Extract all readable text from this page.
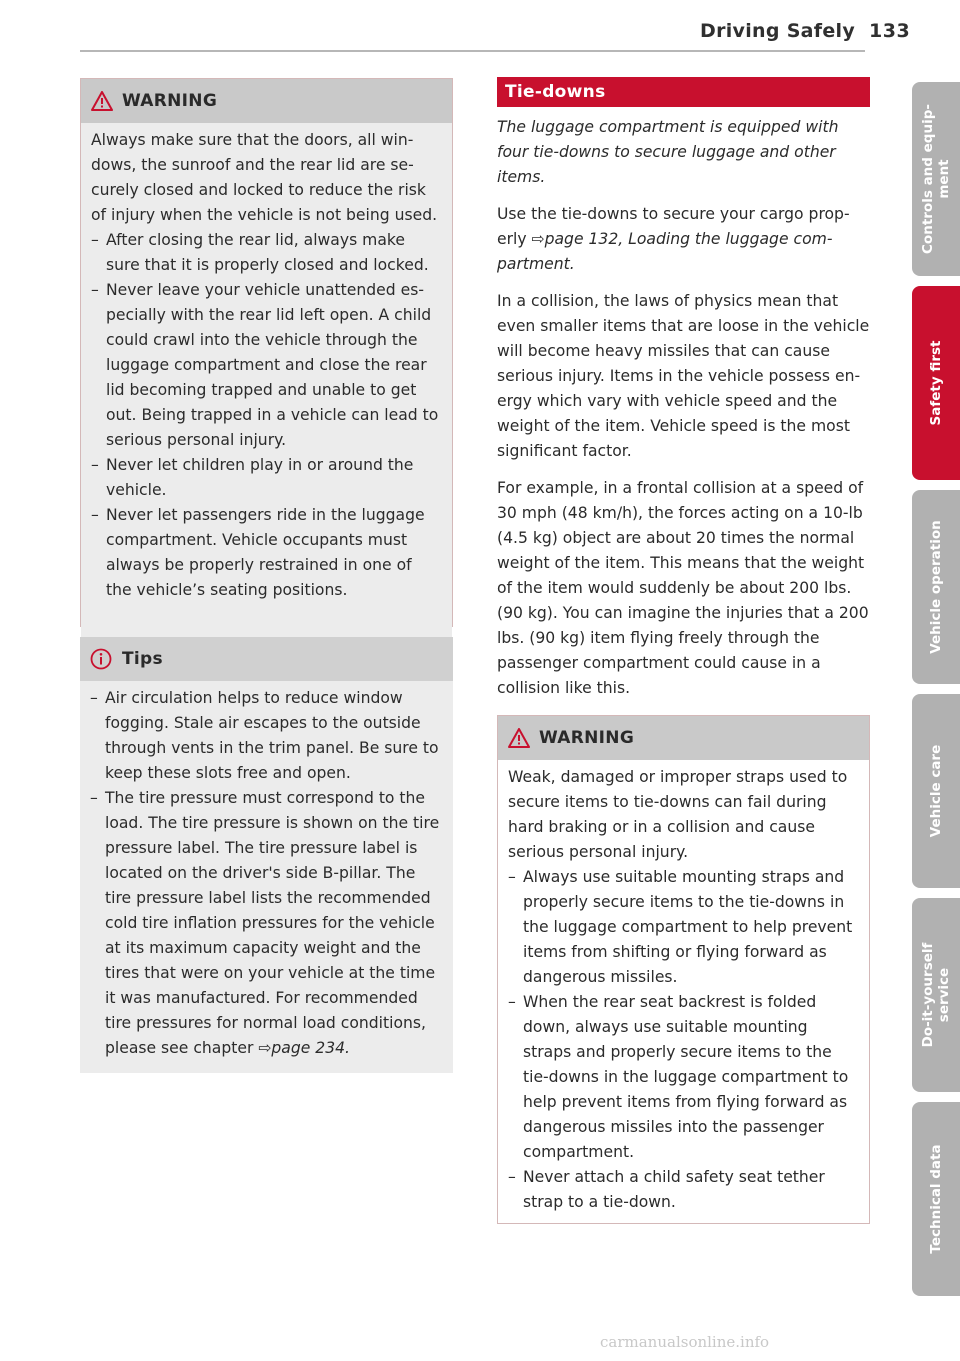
Driving Safely 133
WARNING

Always make sure that the doors, all windows, the sunroof and the rear lid are securely closed and locked to reduce the risk of injury when the vehicle is not being used.

– After closing the rear lid, always make sure that it is properly closed and locked.
– Never leave your vehicle unattended especially with the rear lid left open. A child could crawl into the vehicle through the luggage compartment and close the rear lid becoming trapped and unable to get out. Being trapped in a vehicle can lead to serious personal injury.
– Never let children play in or around the vehicle.
– Never let passengers ride in the luggage compartment. Vehicle occupants must always be properly restrained in one of the vehicle’s seating positions.
Tips
– Air circulation helps to reduce window fogging. Stale air escapes to the outside through vents in the trim panel. Be sure to keep these slots free and open.
– The tire pressure must correspond to the load. The tire pressure is shown on the tire pressure label. The tire pressure label is located on the driver's side B-pillar. The tire pressure label lists the recommended cold tire inflation pressures for the vehicle at its maximum capacity weight and the tires that were on your vehicle at the time it was manufactured. For recommended tire pressures for normal load conditions, please see chapter ⇨page 234.
Tie-downs

The luggage compartment is equipped with four tie-downs to secure luggage and other items.

Use the tie-downs to secure your cargo properly ⇨page 132, Loading the luggage compartment.

In a collision, the laws of physics mean that even smaller items that are loose in the vehicle will become heavy missiles that can cause serious injury. Items in the vehicle possess energy which vary with vehicle speed and the weight of the item. Vehicle speed is the most significant factor.

For example, in a frontal collision at a speed of 30 mph (48 km/h), the forces acting on a 10-lb (4.5 kg) object are about 20 times the normal weight of the item. This means that the weight of the item would suddenly be about 200 lbs. (90 kg). You can imagine the injuries that a 200 lbs. (90 kg) item flying freely through the passenger compartment could cause in a collision like this.

WARNING

Weak, damaged or improper straps used to secure items to tie-downs can fail during hard braking or in a collision and cause serious personal injury.

– Always use suitable mounting straps and properly secure items to the tie-downs in the luggage compartment to help prevent items from shifting or flying forward as dangerous missiles.
– When the rear seat backrest is folded down, always use suitable mounting straps and properly secure items to the tie-downs in the luggage compartment to help prevent items from flying forward as dangerous missiles into the passenger compartment.
– Never attach a child safety seat tether strap to a tie-down.
Controls and equip- ment
Safety first
Vehicle operation
Vehicle care
Do-it-yourself service
Technical data
carmanualsonline.info
